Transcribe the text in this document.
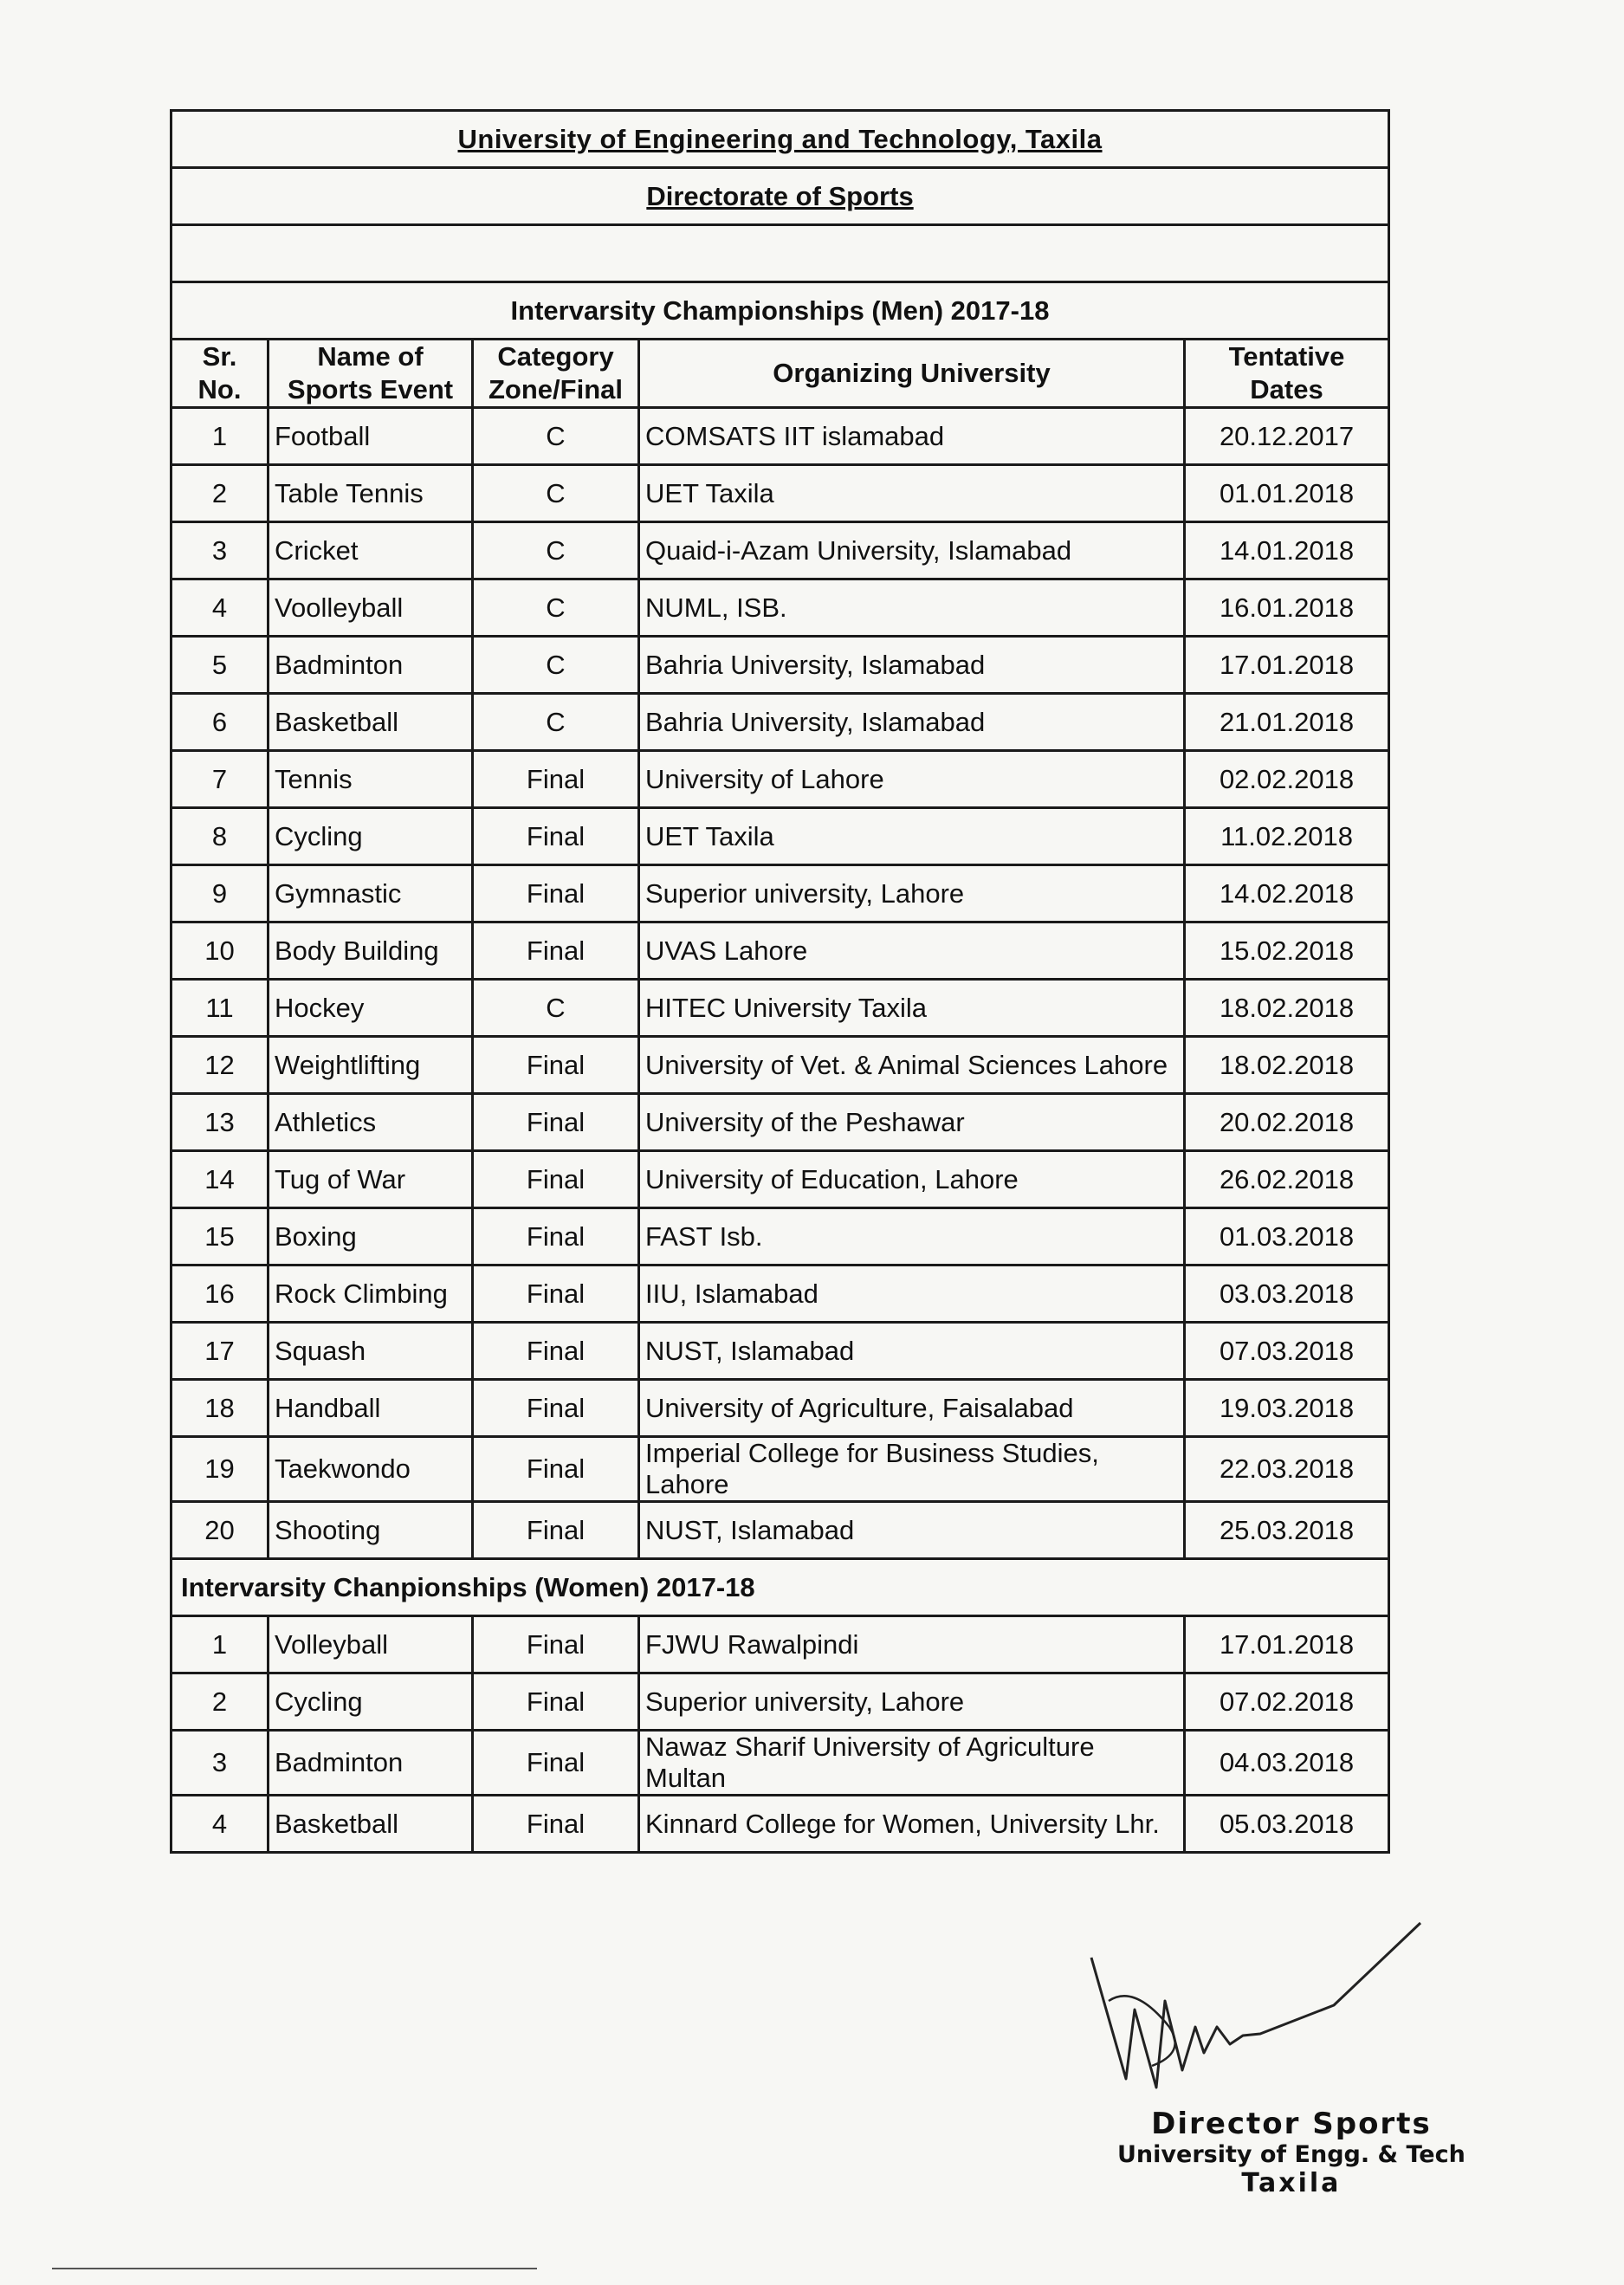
University of Engineering and Technology, Taxila				
Directorate of Sports				

Intervarsity Championships (Men) 2017-18				
Sr. No.	Name of Sports Event	Category Zone/Final	Organizing University	Tentative Dates
1	Football	C	COMSATS IIT islamabad	20.12.2017
2	Table Tennis	C	UET Taxila	01.01.2018
3	Cricket	C	Quaid-i-Azam University, Islamabad	14.01.2018
4	Voolleyball	C	NUML, ISB.	16.01.2018
5	Badminton	C	Bahria University, Islamabad	17.01.2018
6	Basketball	C	Bahria University, Islamabad	21.01.2018
7	Tennis	Final	University of Lahore	02.02.2018
8	Cycling	Final	UET Taxila	11.02.2018
9	Gymnastic	Final	Superior university, Lahore	14.02.2018
10	Body Building	Final	UVAS Lahore	15.02.2018
11	Hockey	C	HITEC University Taxila	18.02.2018
12	Weightlifting	Final	University of Vet. & Animal Sciences Lahore	18.02.2018
13	Athletics	Final	University of the Peshawar	20.02.2018
14	Tug of War	Final	University of Education, Lahore	26.02.2018
15	Boxing	Final	FAST Isb.	01.03.2018
16	Rock Climbing	Final	IIU, Islamabad	03.03.2018
17	Squash	Final	NUST, Islamabad	07.03.2018
18	Handball	Final	University of Agriculture, Faisalabad	19.03.2018
19	Taekwondo	Final	Imperial College for Business Studies, Lahore	22.03.2018
20	Shooting	Final	NUST, Islamabad	25.03.2018
Intervarsity Chanpionships (Women) 2017-18				
1	Volleyball	Final	FJWU Rawalpindi	17.01.2018
2	Cycling	Final	Superior university, Lahore	07.02.2018
3	Badminton	Final	Nawaz Sharif University of Agriculture Multan	04.03.2018
4	Basketball	Final	Kinnard College for Women, University Lhr.	05.03.2018
Director Sports
University of Engg. & Tech
Taxila
